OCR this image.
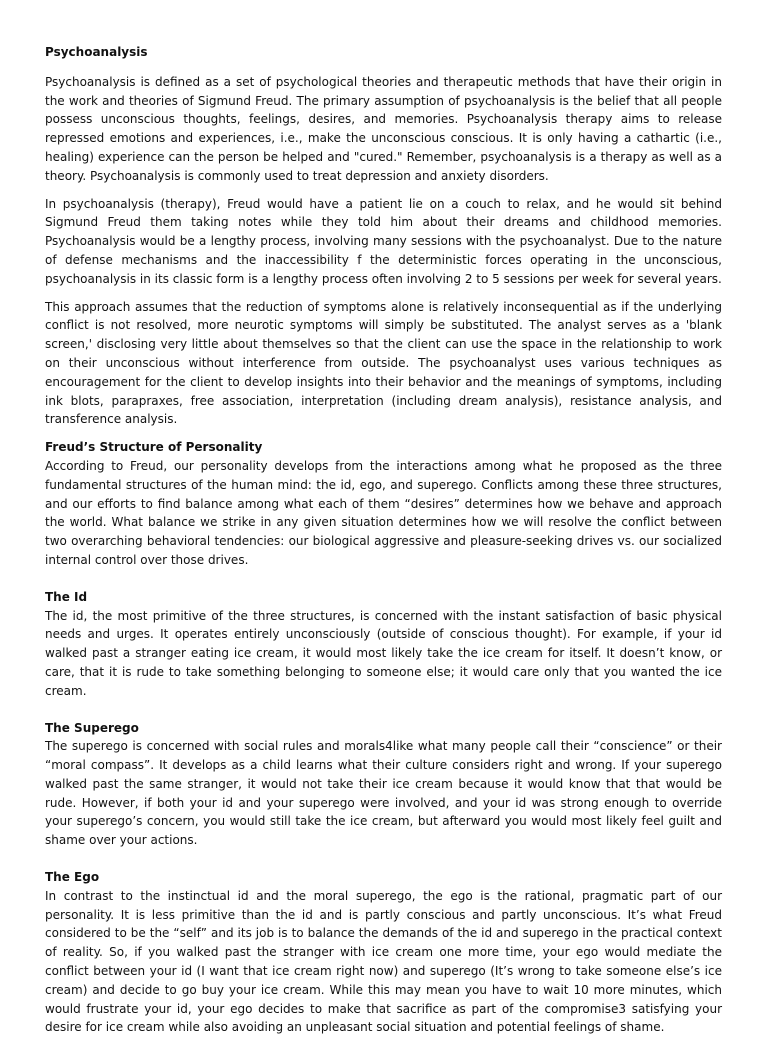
Psychoanalysis

Psychoanalysis is defined as a set of psychological theories and therapeutic methods that have their origin in the work and theories of Sigmund Freud. The primary assumption of psychoanalysis is the belief that all people possess unconscious thoughts, feelings, desires, and memories. Psychoanalysis therapy aims to release repressed emotions and experiences, i.e., make the unconscious conscious. It is only having a cathartic (i.e., healing) experience can the person be helped and "cured." Remember, psychoanalysis is a therapy as well as a theory. Psychoanalysis is commonly used to treat depression and anxiety disorders.

In psychoanalysis (therapy), Freud would have a patient lie on a couch to relax, and he would sit behind Sigmund Freud them taking notes while they told him about their dreams and childhood memories. Psychoanalysis would be a lengthy process, involving many sessions with the psychoanalyst. Due to the nature of defense mechanisms and the inaccessibility f the deterministic forces operating in the unconscious, psychoanalysis in its classic form is a lengthy process often involving 2 to 5 sessions per week for several years.

This approach assumes that the reduction of symptoms alone is relatively inconsequential as if the underlying conflict is not resolved, more neurotic symptoms will simply be substituted. The analyst serves as a 'blank screen,' disclosing very little about themselves so that the client can use the space in the relationship to work on their unconscious without interference from outside. The psychoanalyst uses various techniques as encouragement for the client to develop insights into their behavior and the meanings of symptoms, including ink blots, parapraxes, free association, interpretation (including dream analysis), resistance analysis, and transference analysis.

Freud’s Structure of Personality

According to Freud, our personality develops from the interactions among what he proposed as the three fundamental structures of the human mind: the id, ego, and superego. Conflicts among these three structures, and our efforts to find balance among what each of them “desires” determines how we behave and approach the world. What balance we strike in any given situation determines how we will resolve the conflict between two overarching behavioral tendencies: our biological aggressive and pleasure-seeking drives vs. our socialized internal control over those drives.

The Id

The id, the most primitive of the three structures, is concerned with the instant satisfaction of basic physical needs and urges. It operates entirely unconsciously (outside of conscious thought). For example, if your id walked past a stranger eating ice cream, it would most likely take the ice cream for itself. It doesn’t know, or care, that it is rude to take something belonging to someone else; it would care only that you wanted the ice cream.

The Superego

The superego is concerned with social rules and morals4like what many people call their “conscience” or their “moral compass”. It develops as a child learns what their culture considers right and wrong. If your superego walked past the same stranger, it would not take their ice cream because it would know that that would be rude. However, if both your id and your superego were involved, and your id was strong enough to override your superego’s concern, you would still take the ice cream, but afterward you would most likely feel guilt and shame over your actions.

The Ego

In contrast to the instinctual id and the moral superego, the ego is the rational, pragmatic part of our personality. It is less primitive than the id and is partly conscious and partly unconscious. It’s what Freud considered to be the “self” and its job is to balance the demands of the id and superego in the practical context of reality. So, if you walked past the stranger with ice cream one more time, your ego would mediate the conflict between your id (I want that ice cream right now) and superego (It’s wrong to take someone else’s ice cream) and decide to go buy your ice cream. While this may mean you have to wait 10 more minutes, which would frustrate your id, your ego decides to make that sacrifice as part of the compromise3 satisfying your desire for ice cream while also avoiding an unpleasant social situation and potential feelings of shame.
